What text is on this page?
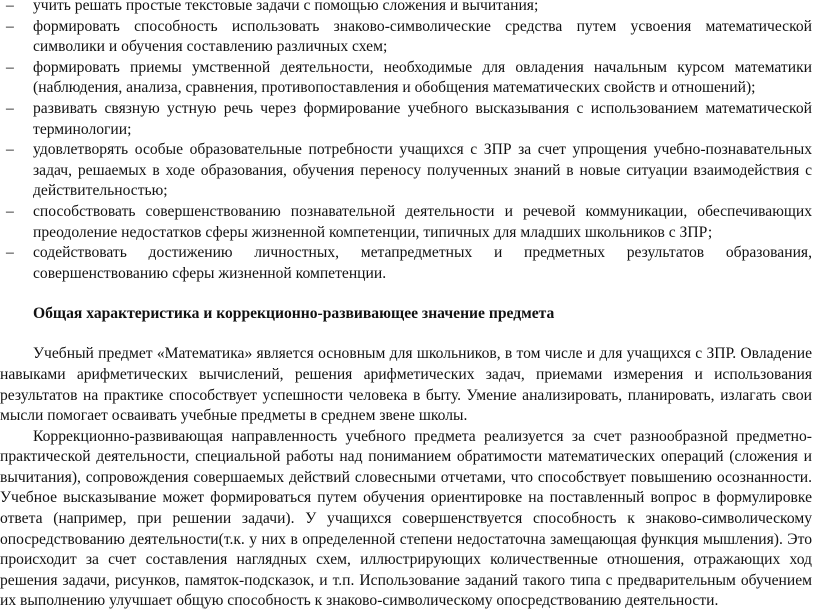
– учить решать простые текстовые задачи с помощью сложения и вычитания;
– формировать способность использовать знаково-символические средства путем усвоения математической символики и обучения составлению различных схем;
– формировать приемы умственной деятельности, необходимые для овладения начальным курсом математики (наблюдения, анализа, сравнения, противопоставления и обобщения математических свойств и отношений);
– развивать связную устную речь через формирование учебного высказывания с использованием математической терминологии;
– удовлетворять особые образовательные потребности учащихся с ЗПР за счет упрощения учебно-познавательных задач, решаемых в ходе образования, обучения переносу полученных знаний в новые ситуации взаимодействия с действительностью;
– способствовать совершенствованию познавательной деятельности и речевой коммуникации, обеспечивающих преодоление недостатков сферы жизненной компетенции, типичных для младших школьников с ЗПР;
– содействовать достижению личностных, метапредметных и предметных результатов образования, совершенствованию сферы жизненной компетенции.
Общая характеристика и коррекционно-развивающее значение предмета

Учебный предмет «Математика» является основным для школьников, в том числе и для учащихся с ЗПР. Овладение навыками арифметических вычислений, решения арифметических задач, приемами измерения и использования результатов на практике способствует успешности человека в быту. Умение анализировать, планировать, излагать свои мысли помогает осваивать учебные предметы в среднем звене школы.

Коррекционно-развивающая направленность учебного предмета реализуется за счет разнообразной предметно-практической деятельности, специальной работы над пониманием обратимости математических операций (сложения и вычитания), сопровождения совершаемых действий словесными отчетами, что способствует повышению осознанности. Учебное высказывание может формироваться путем обучения ориентировке на поставленный вопрос в формулировке ответа (например, при решении задачи). У учащихся совершенствуется способность к знаково-символическому опосредствованию деятельности(т.к. у них в определенной степени недостаточна замещающая функция мышления). Это происходит за счет составления наглядных схем, иллюстрирующих количественные отношения, отражающих ход решения задачи, рисунков, памяток-подсказок, и т.п. Использование заданий такого типа с предварительным обучением их выполнению улучшает общую способность к знаково-символическому опосредствованию деятельности.
